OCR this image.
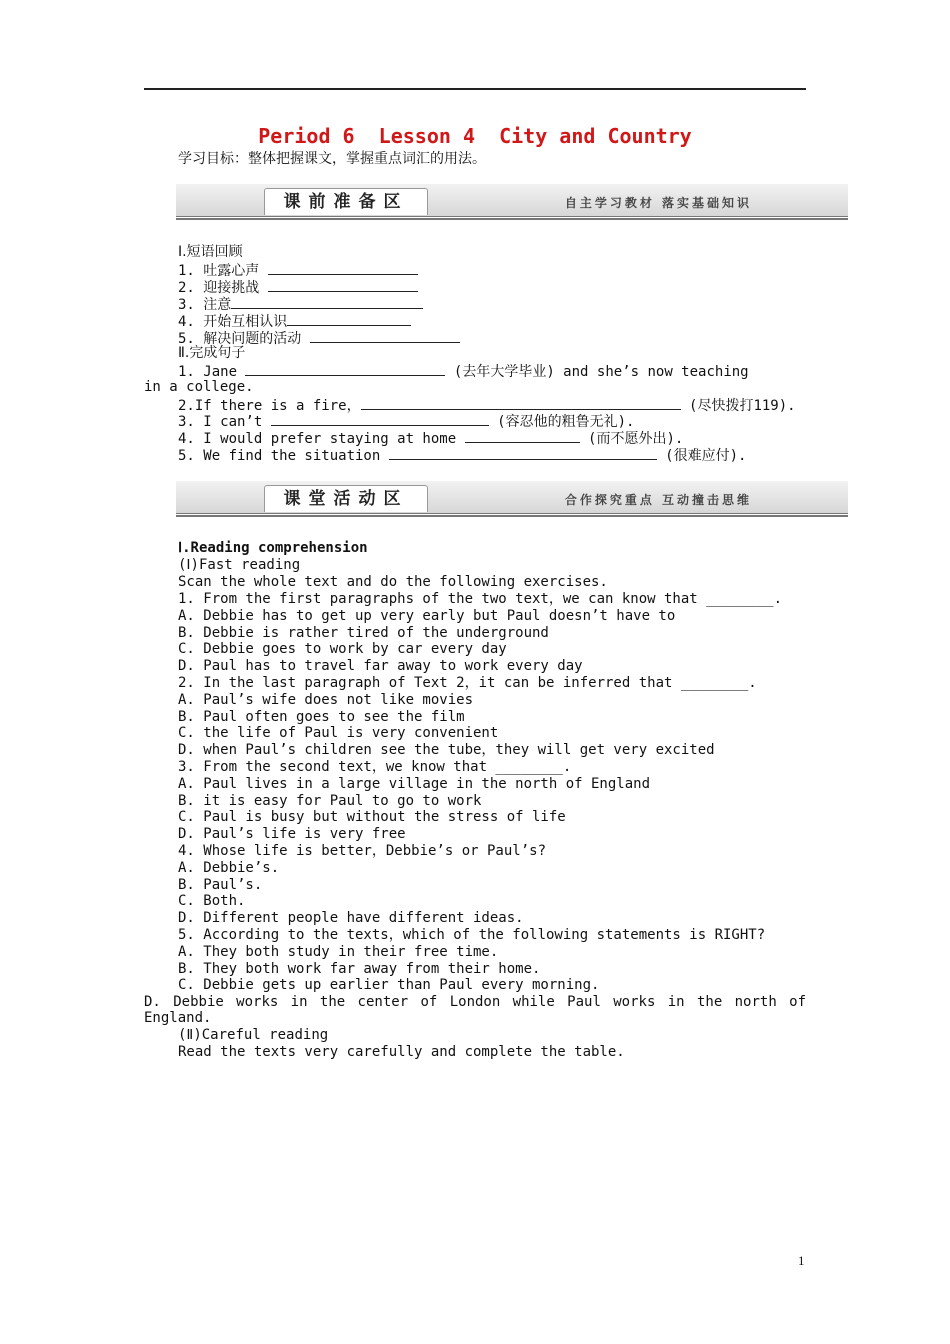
Period 6  Lesson 4  City and Country
学习目标：整体把握课文，掌握重点词汇的用法。
课前准备区	自主学习教材 落实基础知识
Ⅰ.短语回顾
1. 吐露心声
2. 迎接挑战
3. 注意
4. 开始互相认识
5. 解决问题的活动
Ⅱ.完成句子
1. Jane	(去年大学毕业) and she’s now teaching
in a college.
2.If there is a fire，	(尽快拨打119).
3. I can’t	(容忍他的粗鲁无礼).
4. I would prefer staying at home	(而不愿外出).
5. We find the situation	(很难应付).
课堂活动区	合作探究重点 互动撞击思维
Ⅰ.Reading comprehension
(Ⅰ)Fast reading
Scan the whole text and do the following exercises.
1. From the first paragraphs of the two text，we can know that ________.
A. Debbie has to get up very early but Paul doesn’t have to
B. Debbie is rather tired of the underground
C. Debbie goes to work by car every day
D. Paul has to travel far away to work every day
2. In the last paragraph of Text 2，it can be inferred that ________.
A. Paul’s wife does not like movies
B. Paul often goes to see the film
C. the life of Paul is very convenient
D. when Paul’s children see the tube，they will get very excited
3. From the second text，we know that ________.
A. Paul lives in a large village in the north of England
B. it is easy for Paul to go to work
C. Paul is busy but without the stress of life
D. Paul’s life is very free
4. Whose life is better，Debbie’s or Paul’s?
A. Debbie’s.
B. Paul’s.
C. Both.
D. Different people have different ideas.
5. According to the texts，which of the following statements is RIGHT?
A. They both study in their free time.
B. They both work far away from their home.
C. Debbie gets up earlier than Paul every morning.
D. Debbie works in the center of London while Paul works in the north of
England.
(Ⅱ)Careful reading
Read the texts very carefully and complete the table.
1
